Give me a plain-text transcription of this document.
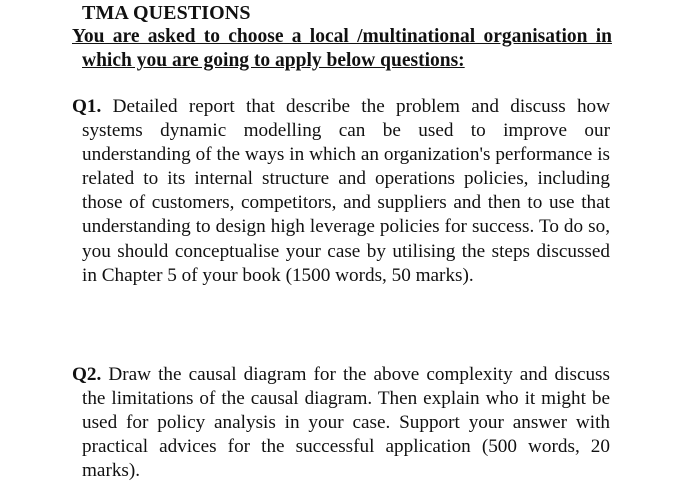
TMA QUESTIONS
You are asked to choose a local /multinational organisation in which you are going to apply below questions:
Q1. Detailed report that describe the problem and discuss how systems dynamic modelling can be used to improve our understanding of the ways in which an organization's performance is related to its internal structure and operations policies, including those of customers, competitors, and suppliers and then to use that understanding to design high leverage policies for success. To do so, you should conceptualise your case by utilising the steps discussed in Chapter 5 of your book (1500 words, 50 marks).
Q2. Draw the causal diagram for the above complexity and discuss the limitations of the causal diagram. Then explain who it might be used for policy analysis in your case. Support your answer with practical advices for the successful application (500 words, 20 marks).
